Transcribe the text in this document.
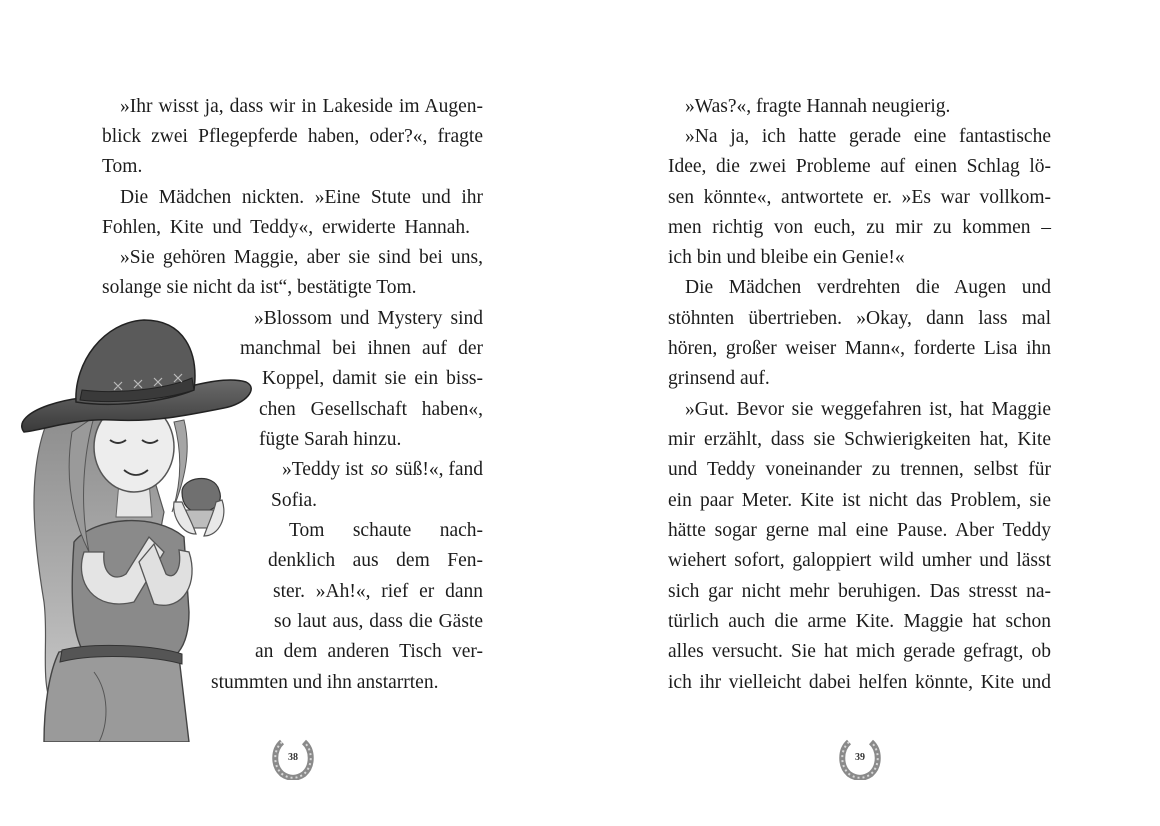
»Ihr wisst ja, dass wir in Lakeside im Augen-
blick zwei Pflegepferde haben, oder?«, fragte
Tom.
Die Mädchen nickten. »Eine Stute und ihr
Fohlen, Kite und Teddy«, erwiderte Hannah.
»Sie gehören Maggie, aber sie sind bei uns,
solange sie nicht da ist“, bestätigte Tom.
»Blossom und Mystery sind
manchmal bei ihnen auf der
Koppel, damit sie ein biss-
chen Gesellschaft haben«,
fügte Sarah hinzu.
»Teddy ist so süß!«, fand
Sofia.
Tom schaute nach-
denklich aus dem Fen-
ster. »Ah!«, rief er dann
so laut aus, dass die Gäste
an dem anderen Tisch ver-
stummten und ihn anstarrten.
38
»Was?«, fragte Hannah neugierig.
»Na ja, ich hatte gerade eine fantastische
Idee, die zwei Probleme auf einen Schlag lö-
sen könnte«, antwortete er. »Es war vollkom-
men richtig von euch, zu mir zu kommen –
ich bin und bleibe ein Genie!«
Die Mädchen verdrehten die Augen und
stöhnten übertrieben. »Okay, dann lass mal
hören, großer weiser Mann«, forderte Lisa ihn
grinsend auf.
»Gut. Bevor sie weggefahren ist, hat Maggie
mir erzählt, dass sie Schwierigkeiten hat, Kite
und Teddy voneinander zu trennen, selbst für
ein paar Meter. Kite ist nicht das Problem, sie
hätte sogar gerne mal eine Pause. Aber Teddy
wiehert sofort, galoppiert wild umher und lässt
sich gar nicht mehr beruhigen. Das stresst na-
türlich auch die arme Kite. Maggie hat schon
alles versucht. Sie hat mich gerade gefragt, ob
ich ihr vielleicht dabei helfen könnte, Kite und
39
